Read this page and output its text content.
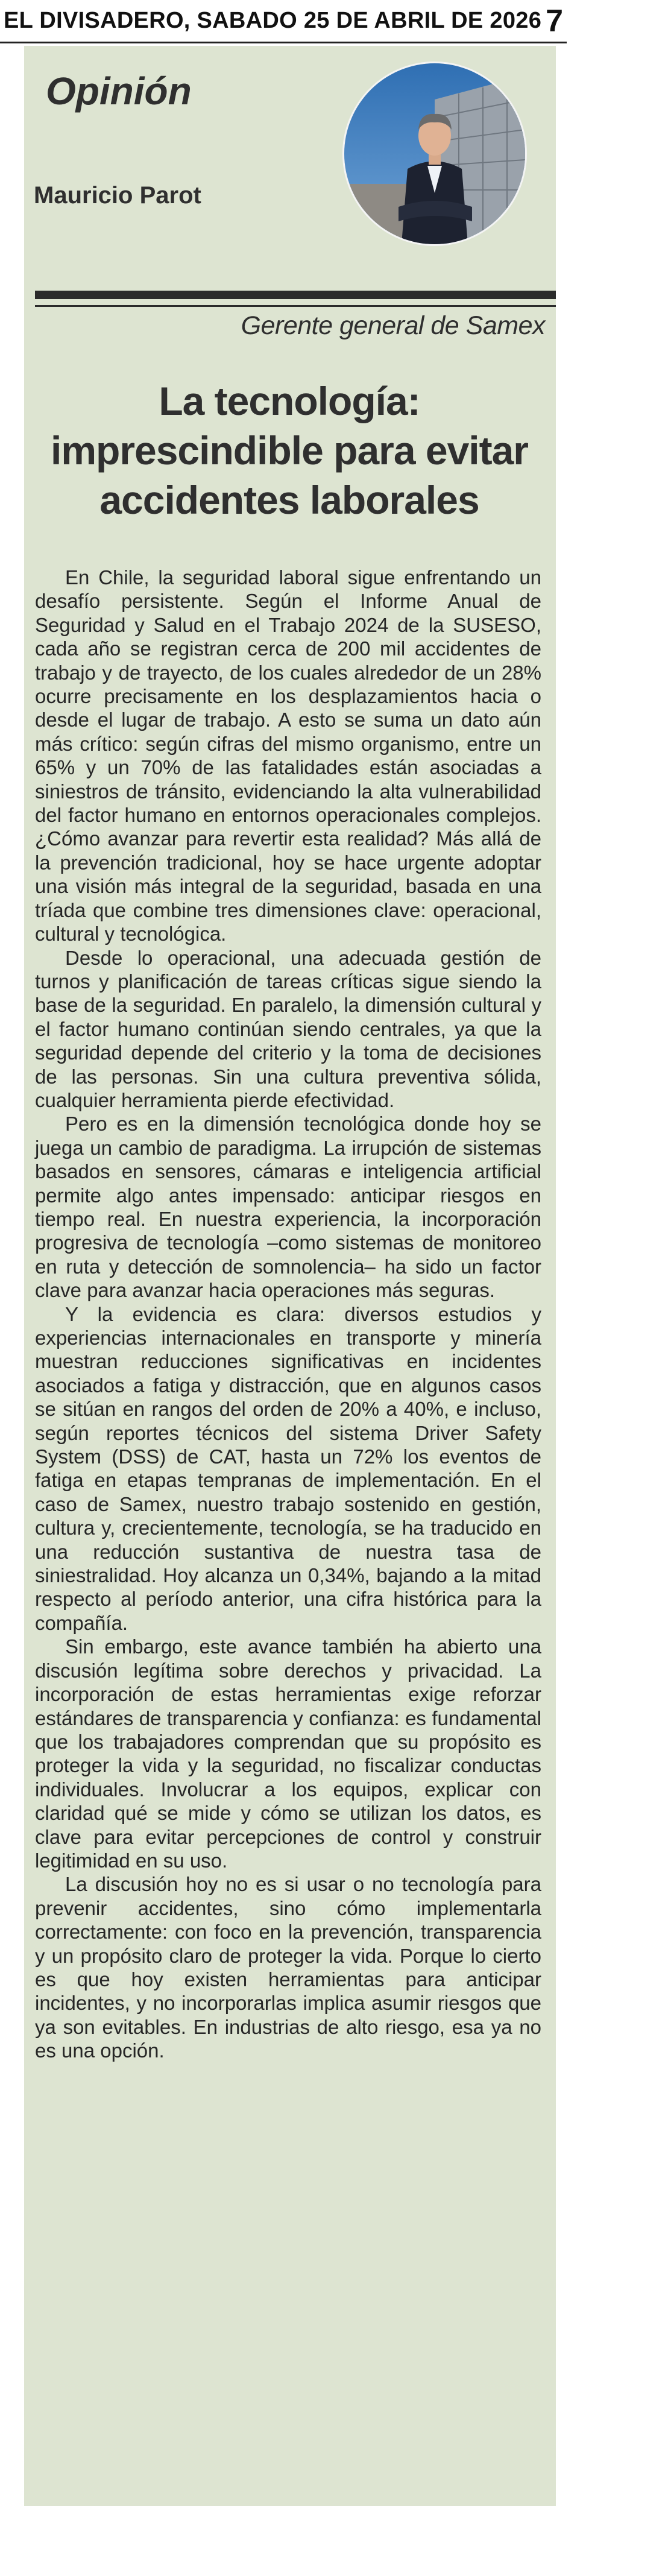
EL DIVISADERO, SABADO 25 DE ABRIL DE 2026 7
Opinión
Mauricio Parot
Gerente general de Samex
La tecnología: imprescindible para evitar accidentes laborales

En Chile, la seguridad laboral sigue enfrentando un desafío persistente. Según el Informe Anual de Seguridad y Salud en el Trabajo 2024 de la SUSESO, cada año se registran cerca de 200 mil accidentes de trabajo y de trayecto, de los cuales alrededor de un 28% ocurre precisamente en los desplazamientos hacia o desde el lugar de trabajo. A esto se suma un dato aún más crítico: según cifras del mismo organismo, entre un 65% y un 70% de las fatalidades están asociadas a siniestros de tránsito, evidenciando la alta vulnerabilidad del factor humano en entornos operacionales complejos. ¿Cómo avanzar para revertir esta realidad? Más allá de la prevención tradicional, hoy se hace urgente adoptar una visión más integral de la seguridad, basada en una tríada que combine tres dimensiones clave: operacional, cultural y tecnológica.

Desde lo operacional, una adecuada gestión de turnos y planificación de tareas críticas sigue siendo la base de la seguridad. En paralelo, la dimensión cultural y el factor humano continúan siendo centrales, ya que la seguridad depende del criterio y la toma de decisiones de las personas. Sin una cultura preventiva sólida, cualquier herramienta pierde efectividad.

Pero es en la dimensión tecnológica donde hoy se juega un cambio de paradigma. La irrupción de sistemas basados en sensores, cámaras e inteligencia artificial permite algo antes impensado: anticipar riesgos en tiempo real. En nuestra experiencia, la incorporación progresiva de tecnología –como sistemas de monitoreo en ruta y detección de somnolencia– ha sido un factor clave para avanzar hacia operaciones más seguras.

Y la evidencia es clara: diversos estudios y experiencias internacionales en transporte y minería muestran reducciones significativas en incidentes asociados a fatiga y distracción, que en algunos casos se sitúan en rangos del orden de 20% a 40%, e incluso, según reportes técnicos del sistema Driver Safety System (DSS) de CAT, hasta un 72% los eventos de fatiga en etapas tempranas de implementación. En el caso de Samex, nuestro trabajo sostenido en gestión, cultura y, crecientemente, tecnología, se ha traducido en una reducción sustantiva de nuestra tasa de siniestralidad. Hoy alcanza un 0,34%, bajando a la mitad respecto al período anterior, una cifra histórica para la compañía.

Sin embargo, este avance también ha abierto una discusión legítima sobre derechos y privacidad. La incorporación de estas herramientas exige reforzar estándares de transparencia y confianza: es fundamental que los trabajadores comprendan que su propósito es proteger la vida y la seguridad, no fiscalizar conductas individuales. Involucrar a los equipos, explicar con claridad qué se mide y cómo se utilizan los datos, es clave para evitar percepciones de control y construir legitimidad en su uso.

La discusión hoy no es si usar o no tecnología para prevenir accidentes, sino cómo implementarla correctamente: con foco en la prevención, transparencia y un propósito claro de proteger la vida. Porque lo cierto es que hoy existen herramientas para anticipar incidentes, y no incorporarlas implica asumir riesgos que ya son evitables. En industrias de alto riesgo, esa ya no es una opción.
